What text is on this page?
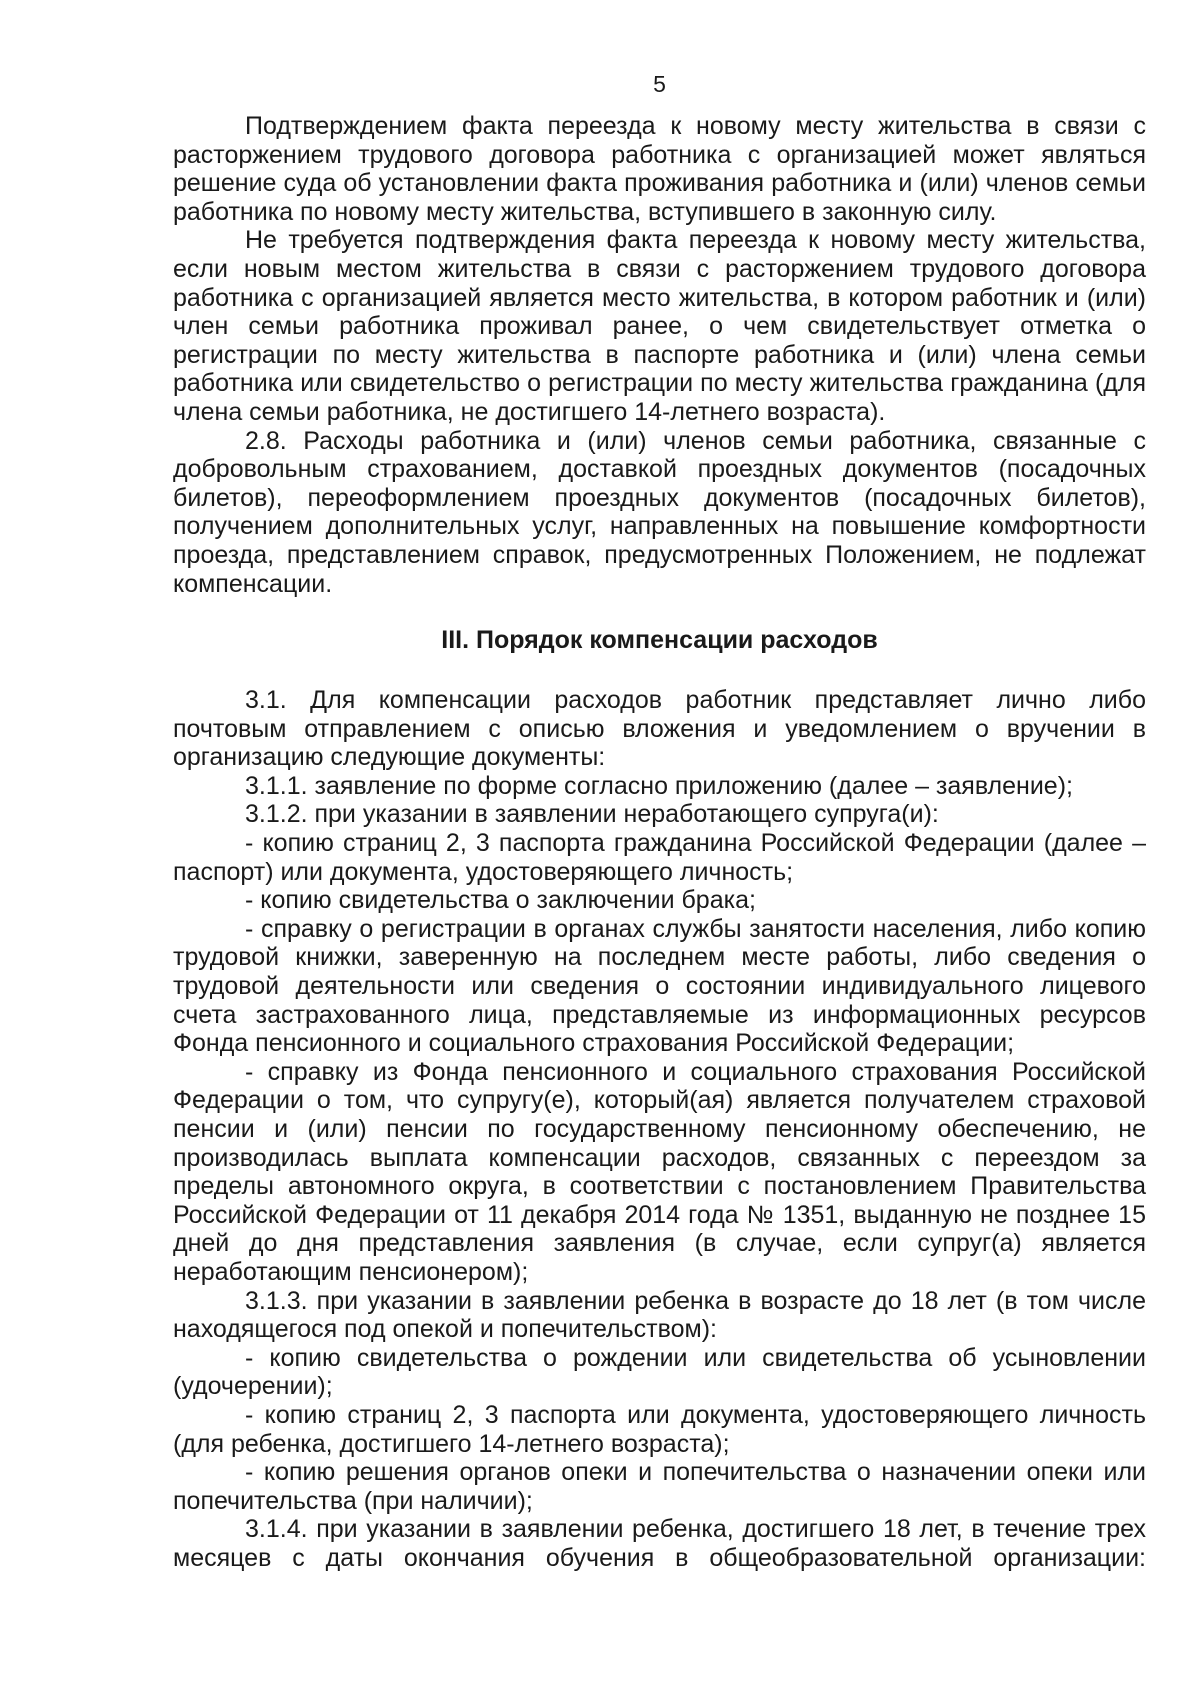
5

Подтверждением факта переезда к новому месту жительства в связи с расторжением трудового договора работника с организацией может являться решение суда об установлении факта проживания работника и (или) членов семьи работника по новому месту жительства, вступившего в законную силу.

Не требуется подтверждения факта переезда к новому месту жительства, если новым местом жительства в связи с расторжением трудового договора работника с организацией является место жительства, в котором работник и (или) член семьи работника проживал ранее, о чем свидетельствует отметка о регистрации по месту жительства в паспорте работника и (или) члена семьи работника или свидетельство о регистрации по месту жительства гражданина (для члена семьи работника, не достигшего 14-летнего возраста).

2.8. Расходы работника и (или) членов семьи работника, связанные с добровольным страхованием, доставкой проездных документов (посадочных билетов), переоформлением проездных документов (посадочных билетов), получением дополнительных услуг, направленных на повышение комфортности проезда, представлением справок, предусмотренных Положением, не подлежат компенсации.

III. Порядок компенсации расходов

3.1. Для компенсации расходов работник представляет лично либо почтовым отправлением с описью вложения и уведомлением о вручении в организацию следующие документы:

3.1.1. заявление по форме согласно приложению (далее – заявление);

3.1.2. при указании в заявлении неработающего супруга(и):

- копию страниц 2, 3 паспорта гражданина Российской Федерации (далее – паспорт) или документа, удостоверяющего личность;

- копию свидетельства о заключении брака;

- справку о регистрации в органах службы занятости населения, либо копию трудовой книжки, заверенную на последнем месте работы, либо сведения о трудовой деятельности или сведения о состоянии индивидуального лицевого счета застрахованного лица, представляемые из информационных ресурсов Фонда пенсионного и социального страхования Российской Федерации;

- справку из Фонда пенсионного и социального страхования Российской Федерации о том, что супругу(е), который(ая) является получателем страховой пенсии и (или) пенсии по государственному пенсионному обеспечению, не производилась выплата компенсации расходов, связанных с переездом за пределы автономного округа, в соответствии с постановлением Правительства Российской Федерации от 11 декабря 2014 года № 1351, выданную не позднее 15 дней до дня представления заявления (в случае, если супруг(а) является неработающим пенсионером);

3.1.3. при указании в заявлении ребенка в возрасте до 18 лет (в том числе находящегося под опекой и попечительством):

- копию свидетельства о рождении или свидетельства об усыновлении (удочерении);

- копию страниц 2, 3 паспорта или документа, удостоверяющего личность (для ребенка, достигшего 14-летнего возраста);

- копию решения органов опеки и попечительства о назначении опеки или попечительства (при наличии);

3.1.4. при указании в заявлении ребенка, достигшего 18 лет, в течение трех месяцев с даты окончания обучения в общеобразовательной организации:
